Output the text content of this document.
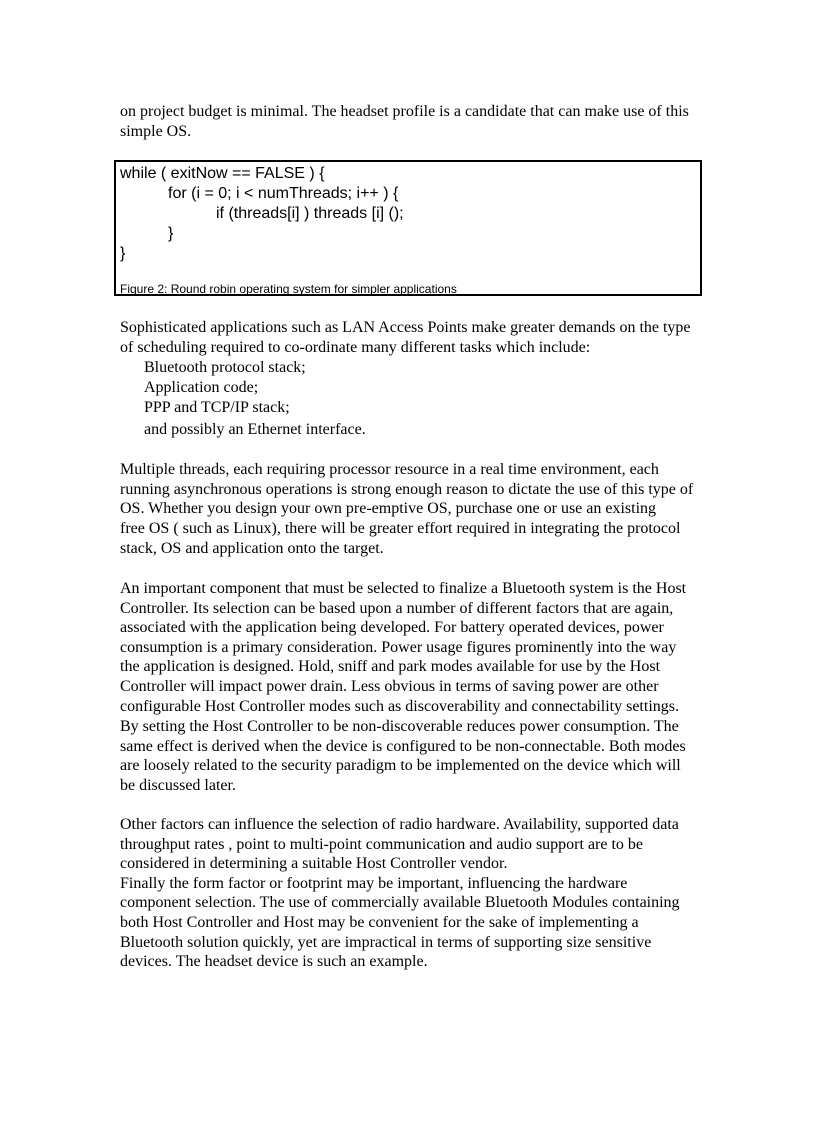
on project budget is minimal. The headset profile is a candidate that can make use of this
simple OS.
Sophisticated applications such as LAN Access Points make greater demands on the type
of scheduling required to co-ordinate many different tasks which include:
Bluetooth protocol stack;
Application code;
PPP and TCP/IP stack;
and possibly an Ethernet interface.
Multiple threads, each requiring processor resource in a real time environment, each
running asynchronous operations is strong enough reason to dictate the use of this type of
OS. Whether you design your own pre-emptive OS, purchase one or use an existing
free OS ( such as Linux), there will be greater effort required in integrating the protocol
stack, OS and application onto the target.
An important component that must be selected to finalize a Bluetooth system is the Host
Controller. Its selection can be based upon a number of different factors that are again,
associated with the application being developed. For battery operated devices, power
consumption is a primary consideration. Power usage figures prominently into the way
the application is designed. Hold, sniff and park modes available for use by the Host
Controller will impact power drain. Less obvious in terms of saving power are other
configurable Host Controller modes such as discoverability and connectability settings.
By setting the Host Controller to be non-discoverable reduces power consumption. The
same effect is derived when the device is configured to be non-connectable. Both modes
are loosely related to the security paradigm to be implemented on the device which will
be discussed later.
Other factors can influence the selection of radio hardware. Availability, supported data
throughput rates , point to multi-point communication and audio support are to be
considered in determining a suitable Host Controller vendor.
Finally the form factor or footprint may be important, influencing the hardware
component selection. The use of commercially available Bluetooth Modules containing
both Host Controller and Host may be convenient for the sake of implementing a
Bluetooth solution quickly, yet are impractical in terms of supporting size sensitive
devices. The headset device is such an example.
while ( exitNow == FALSE ) {
for (i = 0; i < numThreads; i++ ) {
if (threads[i] ) threads [i] ();
}
}
Figure 2: Round robin operating system for simpler applications
